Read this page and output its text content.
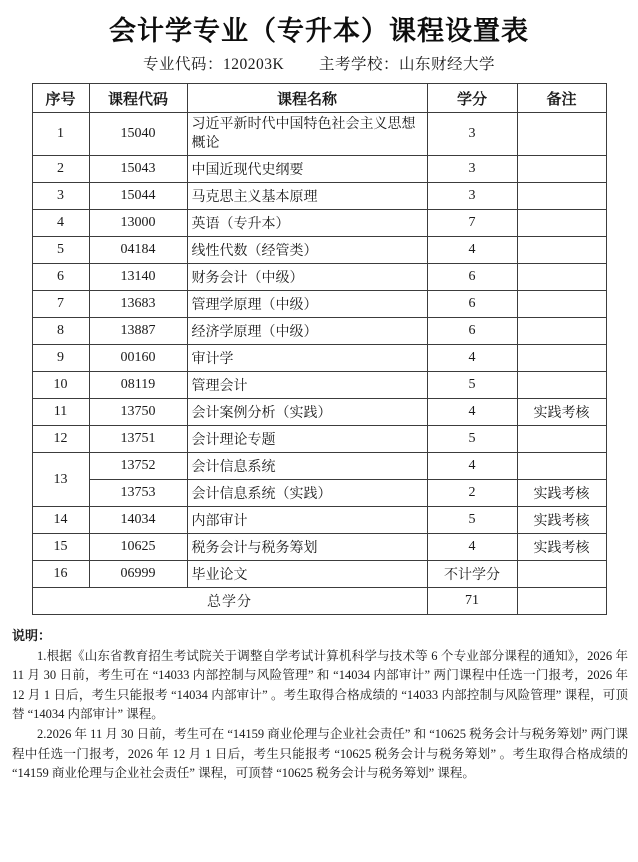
会计学专业（专升本）课程设置表
专业代码：120203K 主考学校：山东财经大学
序号	课程代码	课程名称	学分	备注
1	15040	习近平新时代中国特色社会主义思想概论	3	
2	15043	中国近现代史纲要	3	
3	15044	马克思主义基本原理	3	
4	13000	英语（专升本）	7	
5	04184	线性代数（经管类）	4	
6	13140	财务会计（中级）	6	
7	13683	管理学原理（中级）	6	
8	13887	经济学原理（中级）	6	
9	00160	审计学	4	
10	08119	管理会计	5	
11	13750	会计案例分析（实践）	4	实践考核
12	13751	会计理论专题	5	
13	13752	会计信息系统	4	
	13753	会计信息系统（实践）	2	实践考核
14	14034	内部审计	5	实践考核
15	10625	税务会计与税务筹划	4	实践考核
16	06999	毕业论文	不计学分	
总学分			71	
说明：

1.根据《山东省教育招生考试院关于调整自学考试计算机科学与技术等 6 个专业部分课程的通知》，2026 年 11 月 30 日前，考生可在 “14033 内部控制与风险管理” 和 “14034 内部审计” 两门课程中任选一门报考，2026 年 12 月 1 日后，考生只能报考 “14034 内部审计” 。考生取得合格成绩的 “14033 内部控制与风险管理” 课程，可顶替 “14034 内部审计” 课程。

2.2026 年 11 月 30 日前，考生可在 “14159 商业伦理与企业社会责任” 和 “10625 税务会计与税务筹划” 两门课程中任选一门报考，2026 年 12 月 1 日后，考生只能报考 “10625 税务会计与税务筹划” 。考生取得合格成绩的 “14159 商业伦理与企业社会责任” 课程，可顶替 “10625 税务会计与税务筹划” 课程。
